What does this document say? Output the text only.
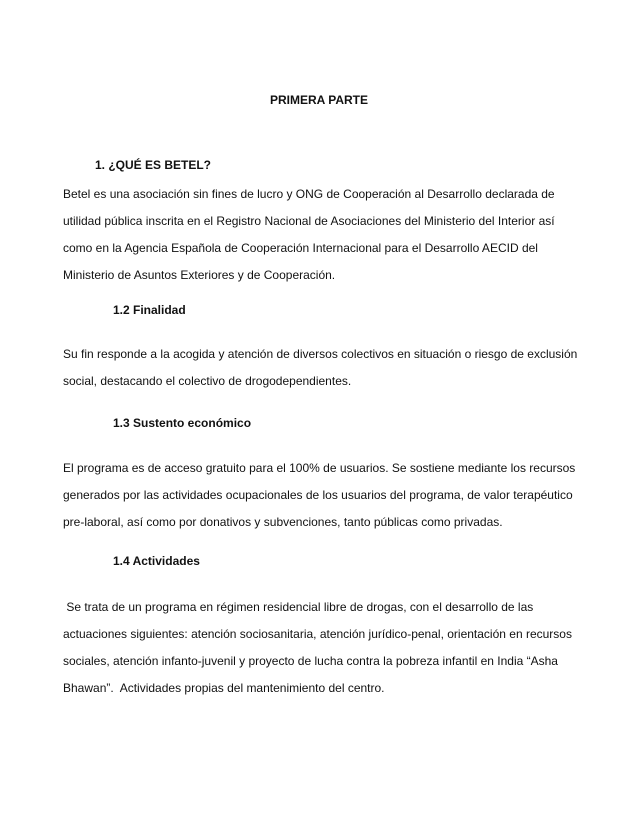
PRIMERA PARTE
1. ¿QUÉ ES BETEL?
Betel es una asociación sin fines de lucro y ONG de Cooperación al Desarrollo declarada de
utilidad pública inscrita en el Registro Nacional de Asociaciones del Ministerio del Interior así
como en la Agencia Española de Cooperación Internacional para el Desarrollo AECID del
Ministerio de Asuntos Exteriores y de Cooperación.
1.2 Finalidad
Su fin responde a la acogida y atención de diversos colectivos en situación o riesgo de exclusión
social, destacando el colectivo de drogodependientes.
1.3 Sustento económico
El programa es de acceso gratuito para el 100% de usuarios. Se sostiene mediante los recursos
generados por las actividades ocupacionales de los usuarios del programa, de valor terapéutico
pre-laboral, así como por donativos y subvenciones, tanto públicas como privadas.
1.4 Actividades
Se trata de un programa en régimen residencial libre de drogas, con el desarrollo de las
actuaciones siguientes: atención sociosanitaria, atención jurídico-penal, orientación en recursos
sociales, atención infanto-juvenil y proyecto de lucha contra la pobreza infantil en India “Asha
Bhawan”.  Actividades propias del mantenimiento del centro.
